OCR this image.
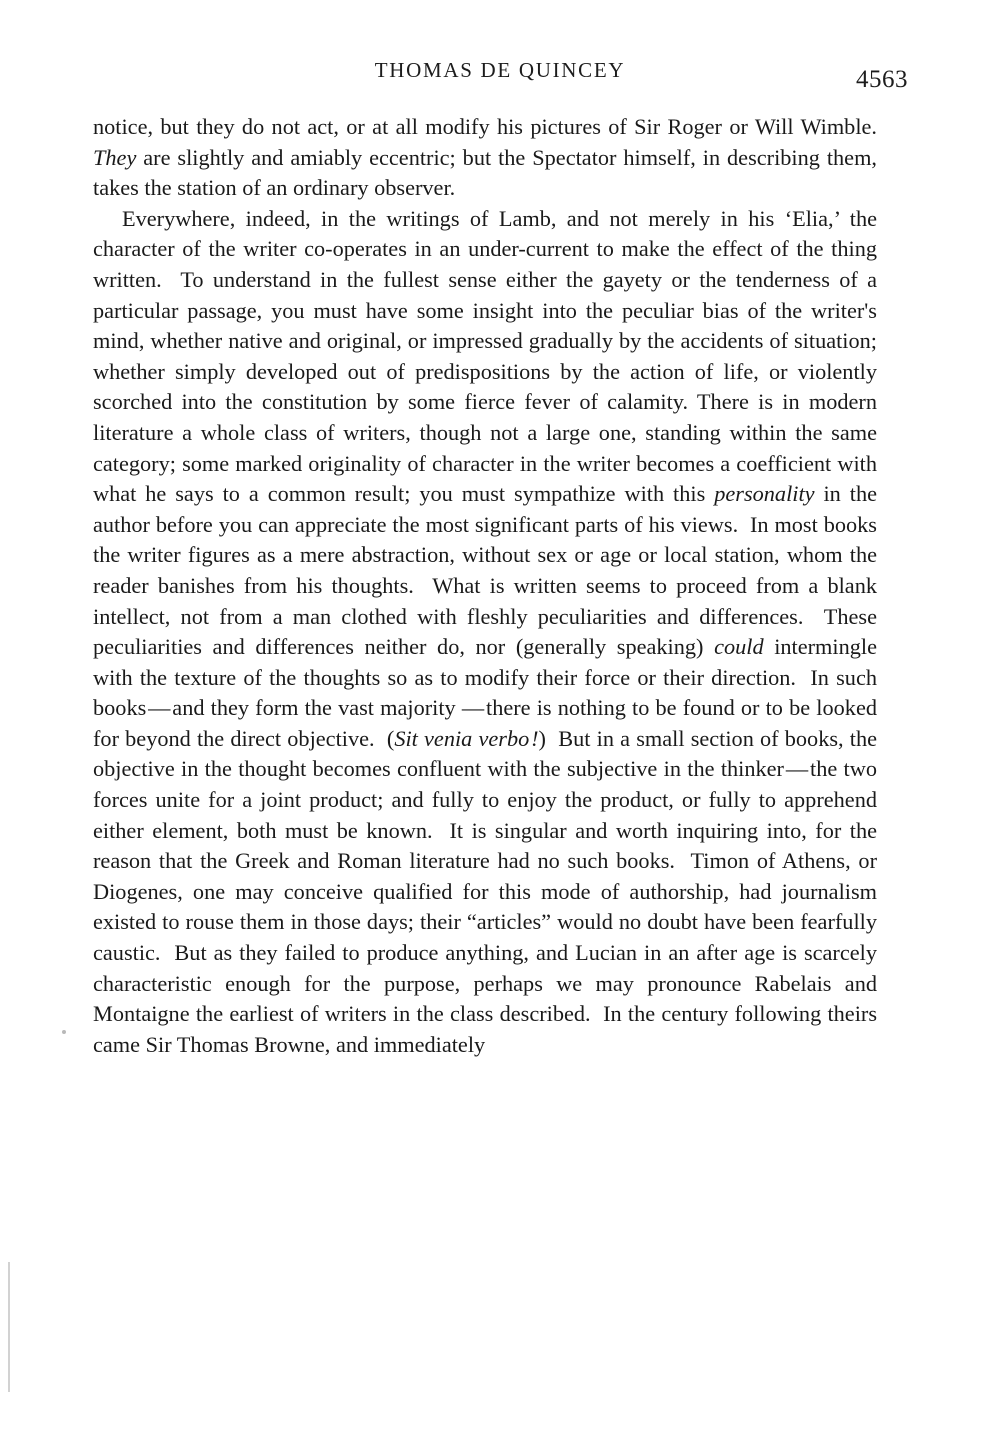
THOMAS DE QUINCEY	4563

notice, but they do not act, or at all modify his pictures of Sir Roger or Will Wimble. They are slightly and amiably eccentric; but the Spectator himself, in describing them, takes the station of an ordinary observer.

Everywhere, indeed, in the writings of Lamb, and not merely in his ‘Elia,’ the character of the writer co-operates in an under-current to make the effect of the thing written.  To understand in the fullest sense either the gayety or the tenderness of a particular passage, you must have some insight into the peculiar bias of the writer's mind, whether native and original, or impressed gradually by the accidents of situation; whether simply developed out of predispositions by the action of life, or violently scorched into the constitution by some fierce fever of calamity. There is in modern literature a whole class of writers, though not a large one, standing within the same category; some marked originality of character in the writer becomes a coefficient with what he says to a common result; you must sympathize with this personality in the author before you can appreciate the most significant parts of his views.  In most books the writer figures as a mere abstraction, without sex or age or local station, whom the reader banishes from his thoughts.  What is written seems to proceed from a blank intellect, not from a man clothed with fleshly peculiarities and differences.  These peculiarities and differences neither do, nor (generally speaking) could intermingle with the texture of the thoughts so as to modify their force or their direction.  In such books — and they form the vast majority — there is nothing to be found or to be looked for beyond the direct objective.  (Sit venia verbo !)  But in a small section of books, the objective in the thought becomes confluent with the subjective in the thinker — the two forces unite for a joint product; and fully to enjoy the product, or fully to apprehend either element, both must be known.  It is singular and worth inquiring into, for the reason that the Greek and Roman literature had no such books.  Timon of Athens, or Diogenes, one may conceive qualified for this mode of authorship, had journalism existed to rouse them in those days; their “articles” would no doubt have been fearfully caustic.  But as they failed to produce anything, and Lucian in an after age is scarcely characteristic enough for the purpose, perhaps we may pronounce Rabelais and Montaigne the earliest of writers in the class described.  In the century following theirs came Sir Thomas Browne, and immediately
